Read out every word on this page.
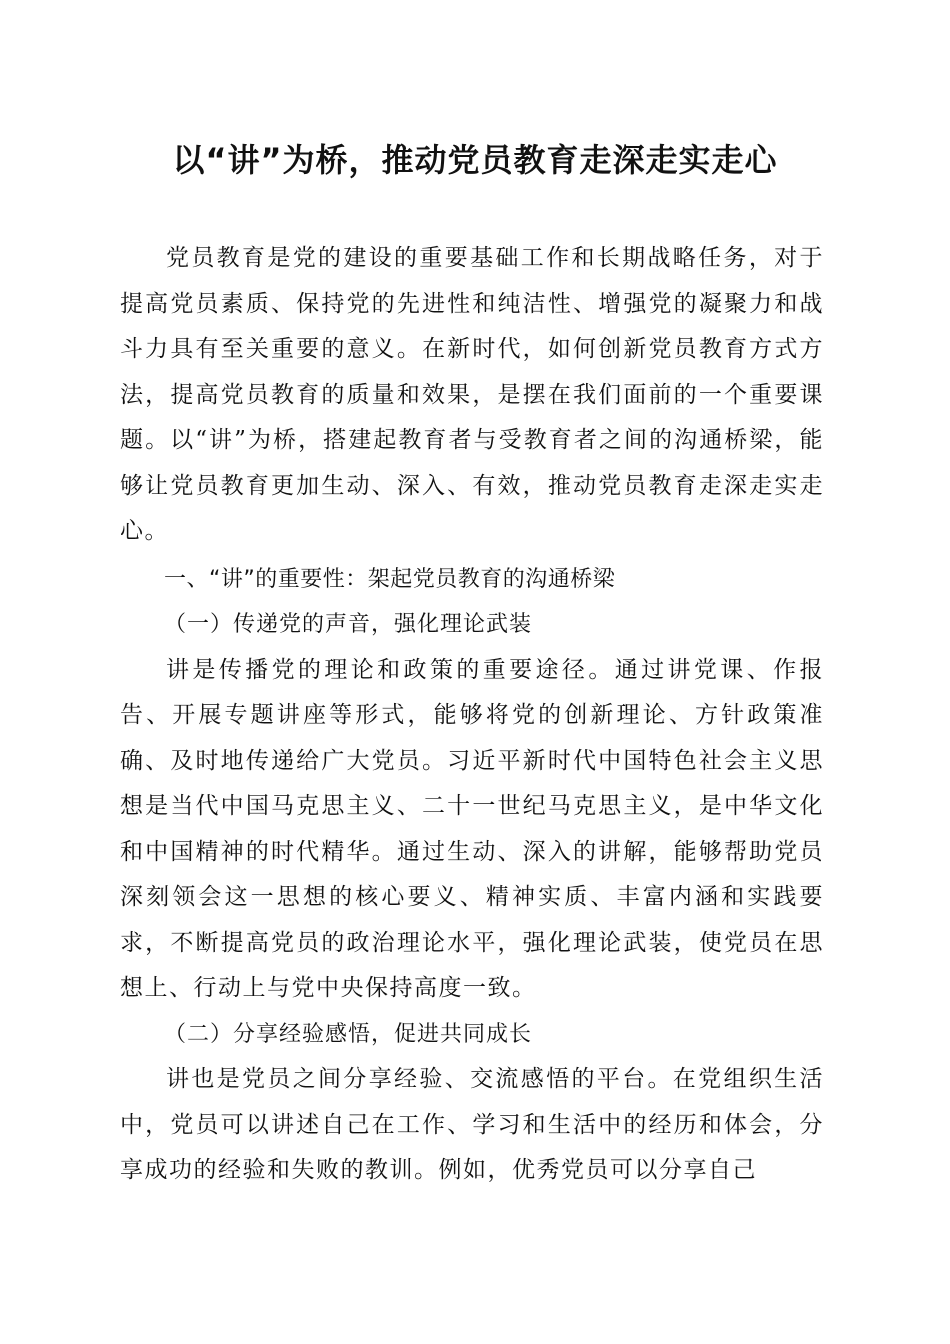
以“讲”为桥，推动党员教育走深走实走心

党员教育是党的建设的重要基础工作和长期战略任务，对于提高党员素质、保持党的先进性和纯洁性、增强党的凝聚力和战斗力具有至关重要的意义。在新时代，如何创新党员教育方式方法，提高党员教育的质量和效果，是摆在我们面前的一个重要课题。以“讲”为桥，搭建起教育者与受教育者之间的沟通桥梁，能够让党员教育更加生动、深入、有效，推动党员教育走深走实走心。

一、“讲”的重要性：架起党员教育的沟通桥梁

（一）传递党的声音，强化理论武装

讲是传播党的理论和政策的重要途径。通过讲党课、作报告、开展专题讲座等形式，能够将党的创新理论、方针政策准确、及时地传递给广大党员。习近平新时代中国特色社会主义思想是当代中国马克思主义、二十一世纪马克思主义，是中华文化和中国精神的时代精华。通过生动、深入的讲解，能够帮助党员深刻领会这一思想的核心要义、精神实质、丰富内涵和实践要求，不断提高党员的政治理论水平，强化理论武装，使党员在思想上、行动上与党中央保持高度一致。

（二）分享经验感悟，促进共同成长

讲也是党员之间分享经验、交流感悟的平台。在党组织生活中，党员可以讲述自己在工作、学习和生活中的经历和体会，分享成功的经验和失败的教训。例如，优秀党员可以分享自己
